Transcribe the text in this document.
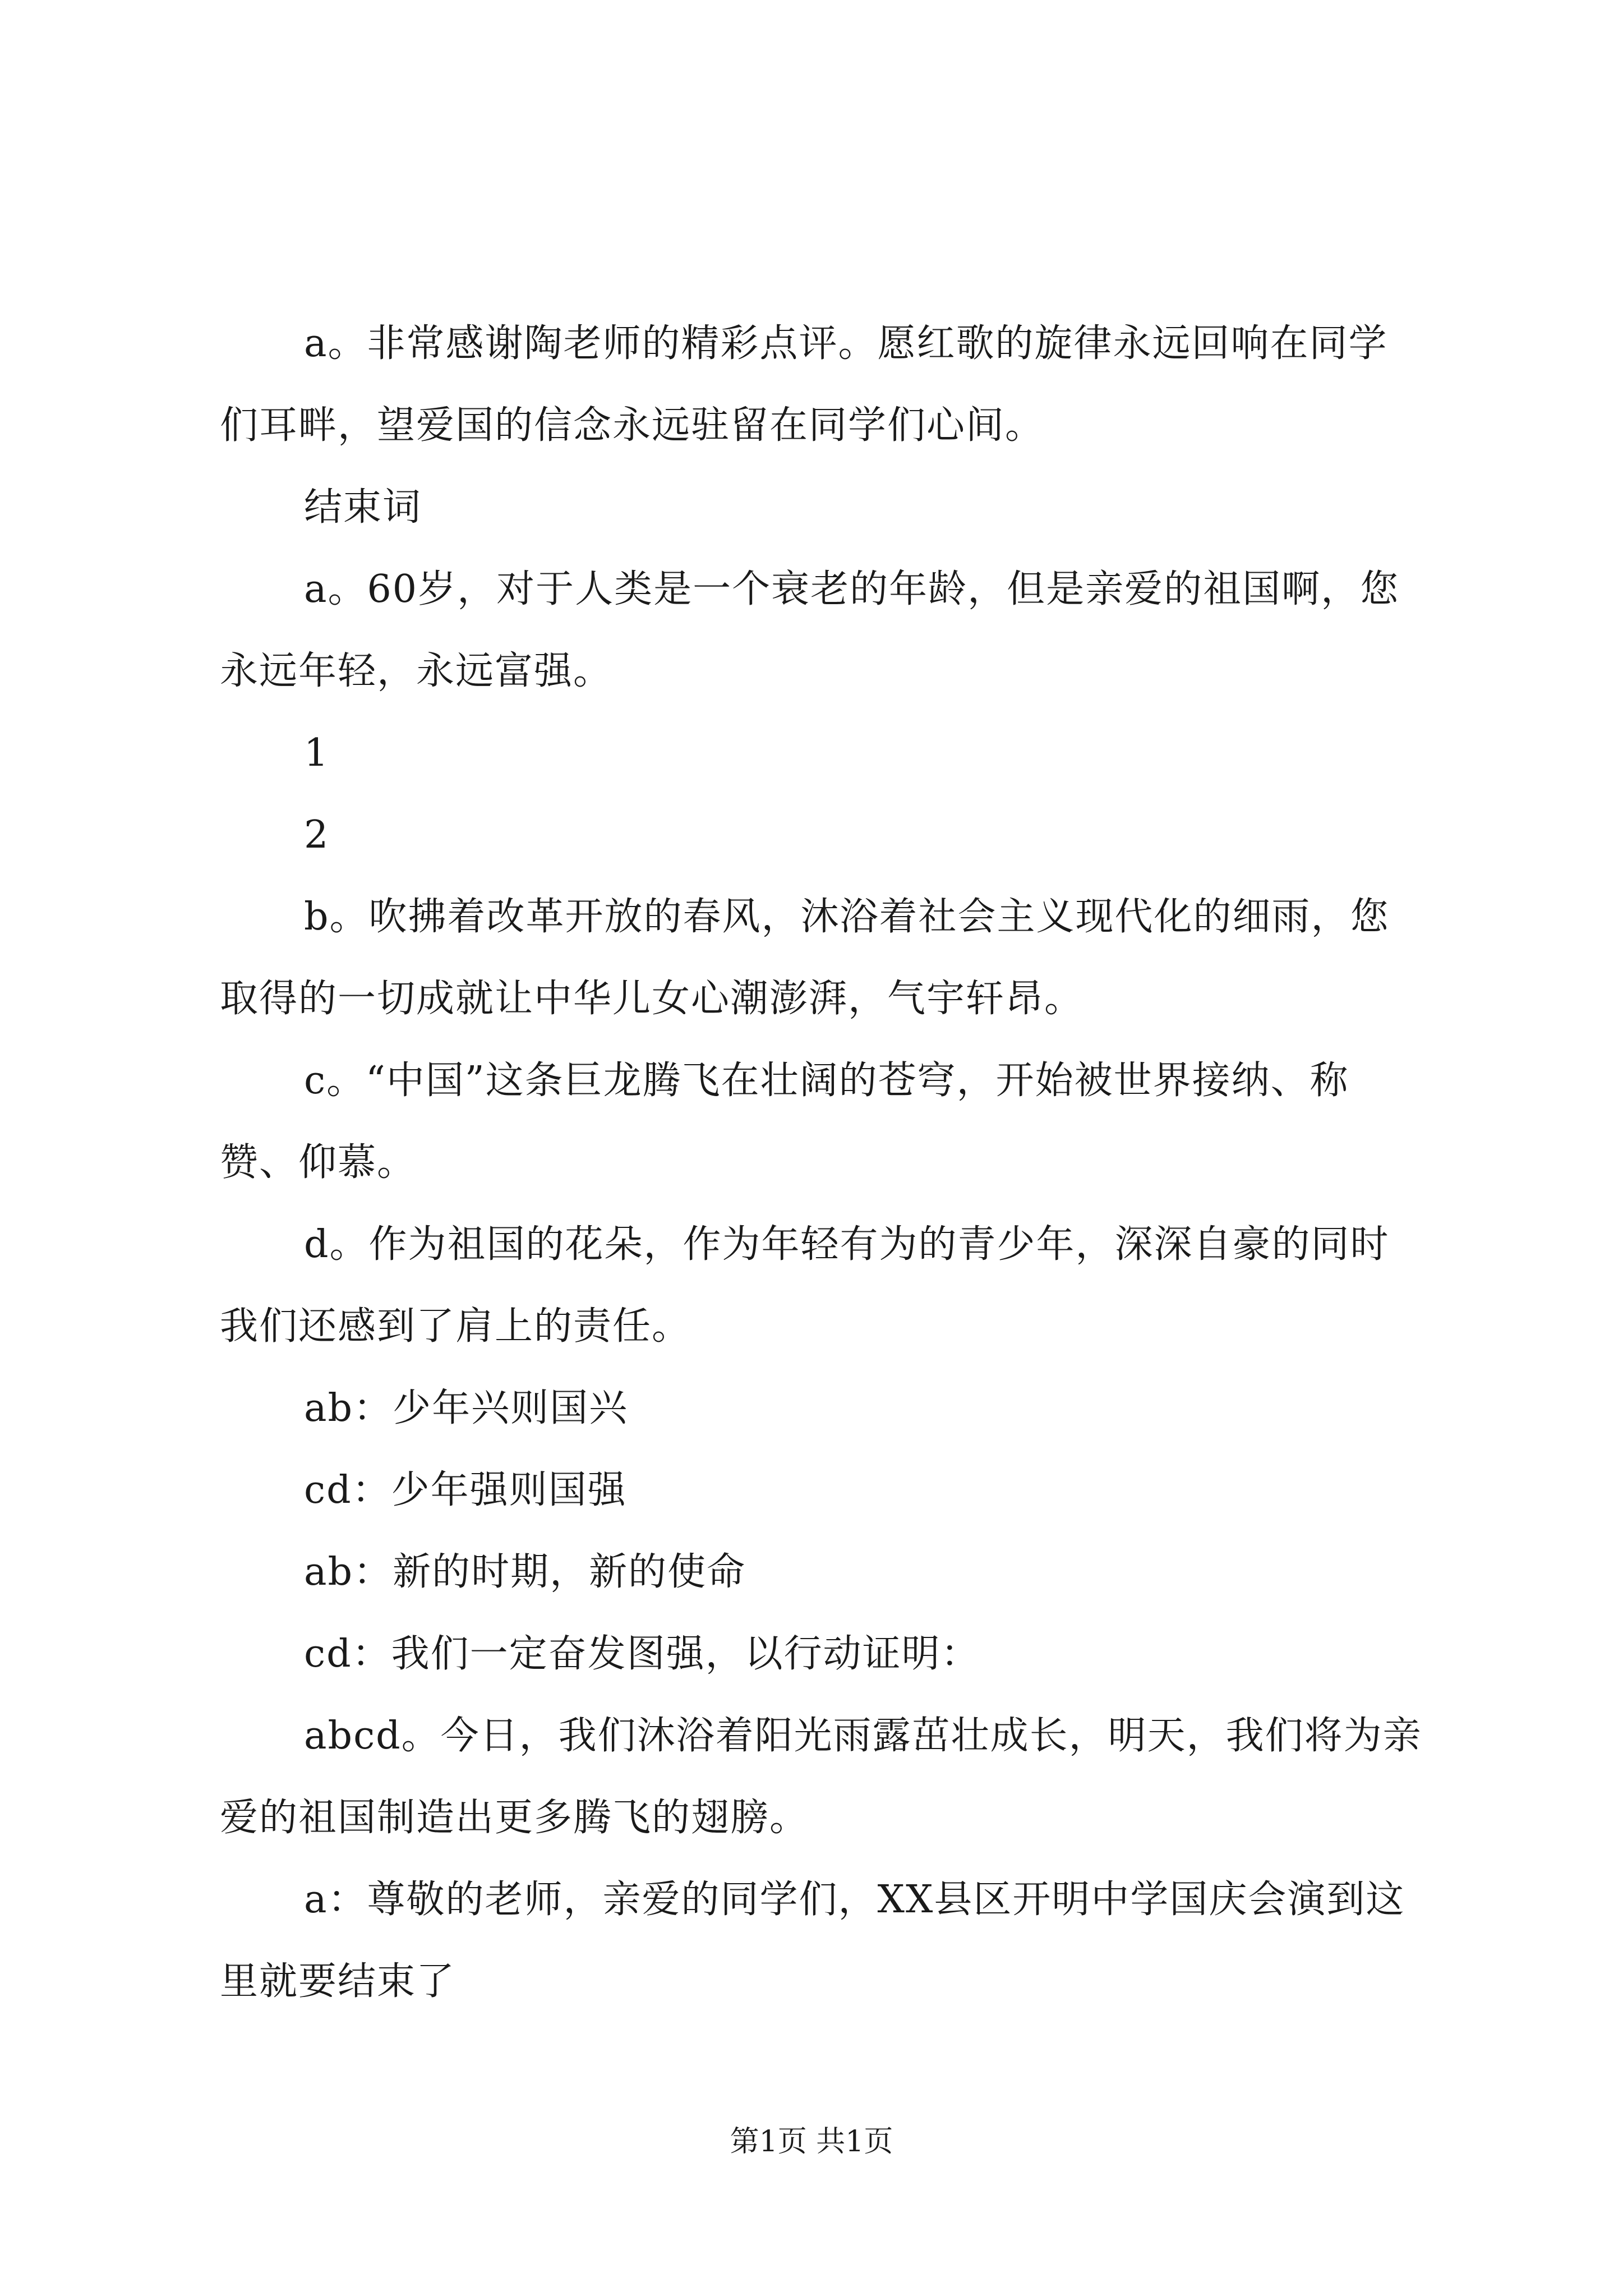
a。非常感谢陶老师的精彩点评。愿红歌的旋律永远回响在同学们耳畔，望爱国的信念永远驻留在同学们心间。

结束词

a。60岁，对于人类是一个衰老的年龄，但是亲爱的祖国啊，您永远年轻，永远富强。

1

2

b。吹拂着改革开放的春风，沐浴着社会主义现代化的细雨，您取得的一切成就让中华儿女心潮澎湃，气宇轩昂。

c。“中国”这条巨龙腾飞在壮阔的苍穹，开始被世界接纳、称赞、仰慕。

d。作为祖国的花朵，作为年轻有为的青少年，深深自豪的同时我们还感到了肩上的责任。

ab：少年兴则国兴

cd：少年强则国强

ab：新的时期，新的使命

cd：我们一定奋发图强，以行动证明：

abcd。今日，我们沐浴着阳光雨露茁壮成长，明天，我们将为亲爱的祖国制造出更多腾飞的翅膀。

a：尊敬的老师，亲爱的同学们，XX县区开明中学国庆会演到这里就要结束了

第1页 共1页
